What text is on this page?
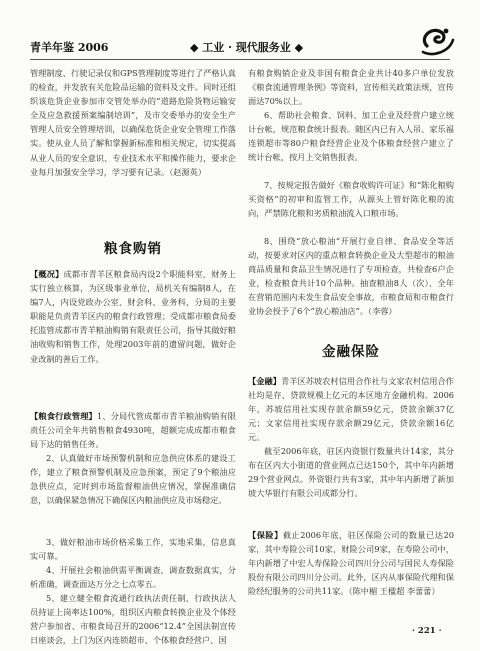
青羊年鉴 2006	◆ 工业 · 现代服务业 ◆

管理制度、行驶记录仪和GPS管理制度等进行了严格认真的检查，并发放有关危险品运输的资料及文件。同时还组织该危货企业参加市交管处举办的“道路危险货物运输安全及应急救援预案编制培训”，及市交委举办的安全生产管理人员安全管理培训，以确保危货企业安全管理工作落实。使从业人员了解和掌握新标准和相关规定，切实提高从业人员的安全意识、专业技术水平和操作能力，要求企业每月加强安全学习，学习要有记录。（赵源英）

粮食购销

【概况】成都市青羊区粮食局内设2个职能科室，财务上实行独立核算，为区级事业单位，局机关有编制8人，在编7人，内设党政办公室、财会科、业务科，分局的主要职能是负责青羊区内的粮食行政管理；受成都市粮食局委托监管成都市青羊粮油购销有限责任公司，指导其做好粮油收购和销售工作，处理2003年前的遗留问题，做好企业改制的善后工作。

【粮食行政管理】1、分局代管成都市青羊粮油购销有限责任公司全年共销售粮食4930吨，超额完成成都市粮食局下达的销售任务。

2、认真做好市场预警机制和应急供应体系的建设工作，建立了粮食预警机制及应急预案，预定了9个粮油应急供应点，定时到市场监督粮油供应情况，掌握准确信息，以确保紧急情况下确保区内粮油供应及市场稳定。

3、做好粮油市场价格采集工作，实地采集，信息真实可靠。

4、开展社会粮油供需平衡调查，调查数据真实，分析准确，调查面达万分之七点零五。

5、建立健全粮食流通行政执法责任制，行政执法人员持证上岗率达100%，组织区内粮食转换企业及个体经营户参加省、市粮食局召开的2006“12.4”全国法制宣传日座谈会，上门为区内连锁超市、个体粮食经营户、国

有粮食购销企业及非国有粮食企业共计40多户单位发放《粮食流通管理条例》等资料，宣传相关政策法规，宣传面达70%以上。

6、帮助社会粮食、饲料、加工企业及经营户建立统计台帐，规范粮食统计报表。随区内已有入人吊、家乐福连锁超市等80户粮食经营企业及个体粮食经营户建立了统计台帐，按月上交销售报表。

7、按规定报告做好《粮食收购许可证》和“陈化粮购买资格”的初审和监管工作，从源头上管好陈化粮的流向，严禁陈化粮和劣质粮油流入口粮市场。

8、围绕“放心粮油”开展行业自律、食品安全等活动，按要求对区内的重点粮食转换企业及大型超市的粮油商品质量和食品卫生情况进行了专项检查，共检查6户企业，检查粮食共计10个品种。抽查粮油8人（次）、全年在营销范围内未发生食品安全事故，市粮食局和市粮食行业协会授予了6个“放心粮油店”。（李蓉）

金融保险

【金融】青羊区苏坡农村信用合作社与文家农村信用合作社均是存、贷款规模上亿元的本区地方金融机构。2006年，苏坡信用社实现存款余额59亿元，贷款余额37亿元；文家信用社实现存款余额29亿元，贷款余额16亿元。

截至2006年底，驻区内资银行数量共计14家，其分布在区内大小街道的营业网点已达150个，其中年内新增29个营业网点。外资银行共有3家，其中年内新增了新加坡大华银行有限公司成都分行。

【保险】截止2006年底，驻区保险公司的数量已达20家，其中寿险公司10家，财险公司9家，在寿险公司中，年内新增了中宏人寿保险公司四川分公司与国民人寿保险股份有限公司四川分公司。此外，区内从事保险代理和保险经纪服务的公司共11家。（陈中楣 王楹超 李蕾蕾）

· 221 ·
